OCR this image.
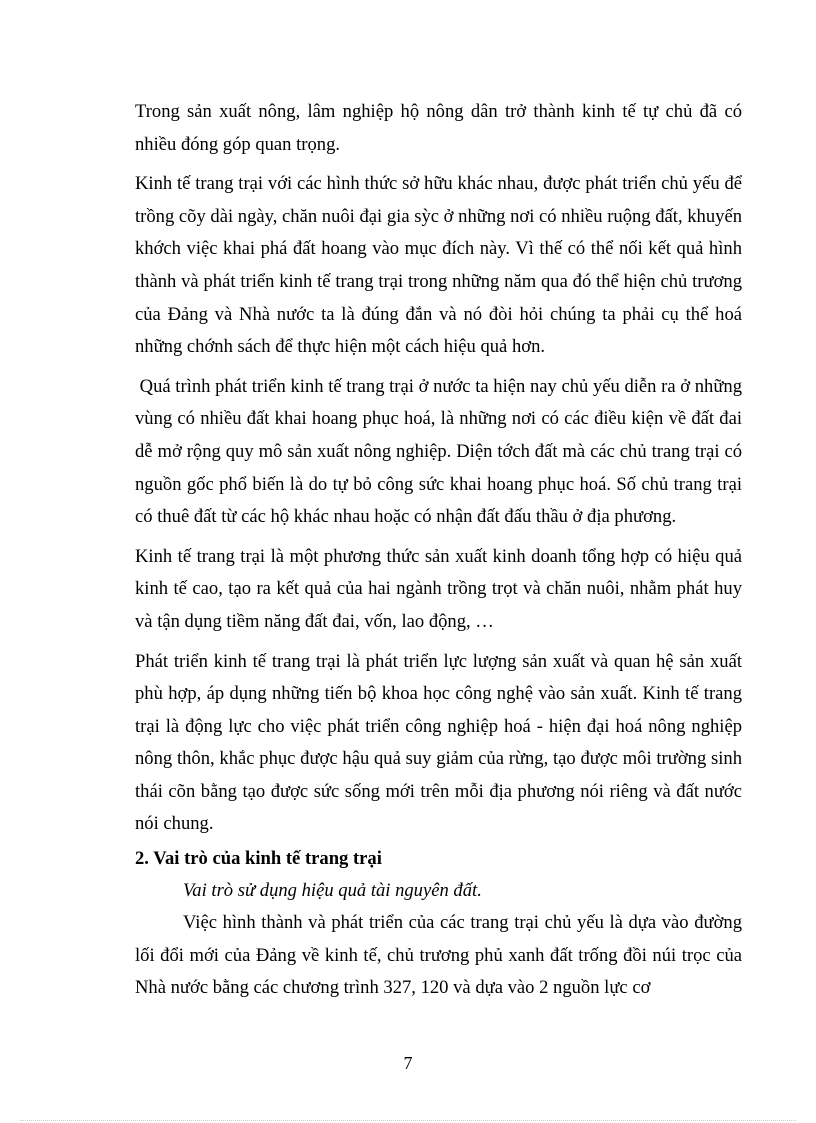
Trong sản xuất nông, lâm nghiệp hộ nông dân trở thành kinh tế tự chủ đã có nhiều đóng góp quan trọng.

Kinh tế trang trại với các hình thức sở hữu khác nhau, được phát triển chủ yếu để trồng cõy dài ngày, chăn nuôi đại gia sỳc ở những nơi có nhiều ruộng đất, khuyến khớch việc khai phá đất hoang vào mục đích này. Vì thế có thể nối kết quả hình thành và phát triển kinh tế trang trại trong những năm qua đó thể hiện chủ trương của Đảng và Nhà nước ta là đúng đắn và nó đòi hỏi chúng ta phải cụ thể hoá những chớnh sách để thực hiện một cách hiệu quả hơn.

Quá trình phát triển kinh tế trang trại ở nước ta hiện nay chủ yếu diễn ra ở những vùng có nhiều đất khai hoang phục hoá, là những nơi có các điều kiện về đất đai dễ mở rộng quy mô sản xuất nông nghiệp. Diện tớch đất mà các chủ trang trại có nguồn gốc phổ biến là do tự bỏ công sức khai hoang phục hoá. Số chủ trang trại có thuê đất từ các hộ khác nhau hoặc có nhận đất đấu thầu ở địa phương.

Kinh tế trang trại là một phương thức sản xuất kinh doanh tổng hợp có hiệu quả kinh tế cao, tạo ra kết quả của hai ngành trồng trọt và chăn nuôi, nhằm phát huy và tận dụng tiềm năng đất đai, vốn, lao động, …

Phát triển kinh tế trang trại là phát triển lực lượng sản xuất và quan hệ sản xuất phù hợp, áp dụng những tiến bộ khoa học công nghệ vào sản xuất. Kinh tế trang trại là động lực cho việc phát triển công nghiệp hoá - hiện đại hoá nông nghiệp nông thôn, khắc phục được hậu quả suy giảm của rừng, tạo được môi trường sinh thái cõn bằng tạo được sức sống mới trên mỗi địa phương nói riêng và đất nước nói chung.

2. Vai trò của kinh tế trang trại

Vai trò sử dụng hiệu quả tài nguyên đất.

Việc hình thành và phát triển của các trang trại chủ yếu là dựa vào đường lối đổi mới của Đảng về kinh tế, chủ trương phủ xanh đất trống đồi núi trọc của Nhà nước bằng các chương trình 327, 120 và dựa vào 2 nguồn lực cơ

7
